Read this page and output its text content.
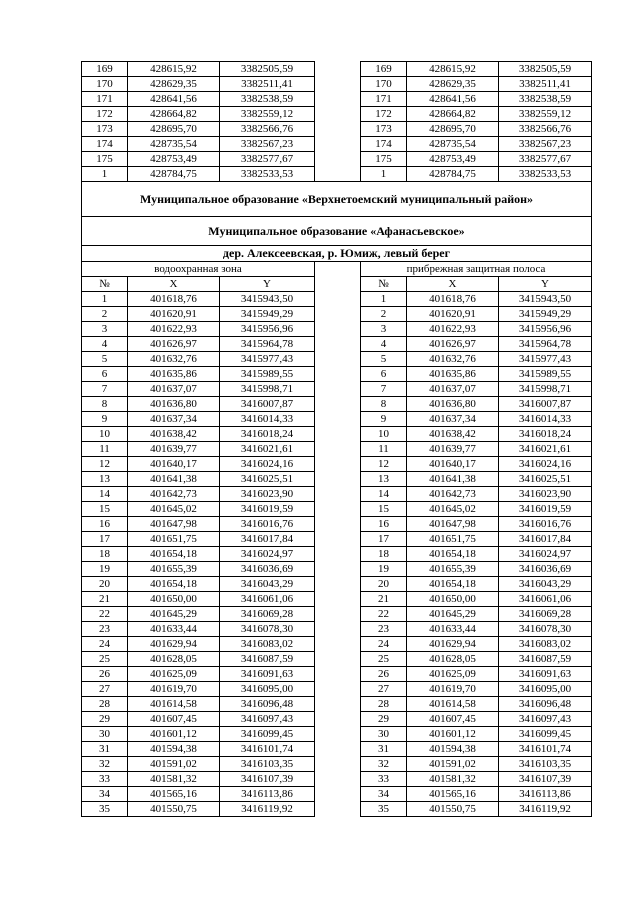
169	428615,92	3382505,59		169	428615,92	3382505,59
170	428629,35	3382511,41		170	428629,35	3382511,41
171	428641,56	3382538,59		171	428641,56	3382538,59
172	428664,82	3382559,12		172	428664,82	3382559,12
173	428695,70	3382566,76		173	428695,70	3382566,76
174	428735,54	3382567,23		174	428735,54	3382567,23
175	428753,49	3382577,67		175	428753,49	3382577,67
1	428784,75	3382533,53		1	428784,75	3382533,53
Муниципальное образование «Верхнетоемский муниципальный район»						
Муниципальное образование «Афанасьевское»						
дер. Алексеевская, р. Юмиж, левый берег						
водоохранная зона				прибрежная защитная полоса		
№	X	Y		№	X	Y
1	401618,76	3415943,50		1	401618,76	3415943,50
2	401620,91	3415949,29		2	401620,91	3415949,29
3	401622,93	3415956,96		3	401622,93	3415956,96
4	401626,97	3415964,78		4	401626,97	3415964,78
5	401632,76	3415977,43		5	401632,76	3415977,43
6	401635,86	3415989,55		6	401635,86	3415989,55
7	401637,07	3415998,71		7	401637,07	3415998,71
8	401636,80	3416007,87		8	401636,80	3416007,87
9	401637,34	3416014,33		9	401637,34	3416014,33
10	401638,42	3416018,24		10	401638,42	3416018,24
11	401639,77	3416021,61		11	401639,77	3416021,61
12	401640,17	3416024,16		12	401640,17	3416024,16
13	401641,38	3416025,51		13	401641,38	3416025,51
14	401642,73	3416023,90		14	401642,73	3416023,90
15	401645,02	3416019,59		15	401645,02	3416019,59
16	401647,98	3416016,76		16	401647,98	3416016,76
17	401651,75	3416017,84		17	401651,75	3416017,84
18	401654,18	3416024,97		18	401654,18	3416024,97
19	401655,39	3416036,69		19	401655,39	3416036,69
20	401654,18	3416043,29		20	401654,18	3416043,29
21	401650,00	3416061,06		21	401650,00	3416061,06
22	401645,29	3416069,28		22	401645,29	3416069,28
23	401633,44	3416078,30		23	401633,44	3416078,30
24	401629,94	3416083,02		24	401629,94	3416083,02
25	401628,05	3416087,59		25	401628,05	3416087,59
26	401625,09	3416091,63		26	401625,09	3416091,63
27	401619,70	3416095,00		27	401619,70	3416095,00
28	401614,58	3416096,48		28	401614,58	3416096,48
29	401607,45	3416097,43		29	401607,45	3416097,43
30	401601,12	3416099,45		30	401601,12	3416099,45
31	401594,38	3416101,74		31	401594,38	3416101,74
32	401591,02	3416103,35		32	401591,02	3416103,35
33	401581,32	3416107,39		33	401581,32	3416107,39
34	401565,16	3416113,86		34	401565,16	3416113,86
35	401550,75	3416119,92		35	401550,75	3416119,92
